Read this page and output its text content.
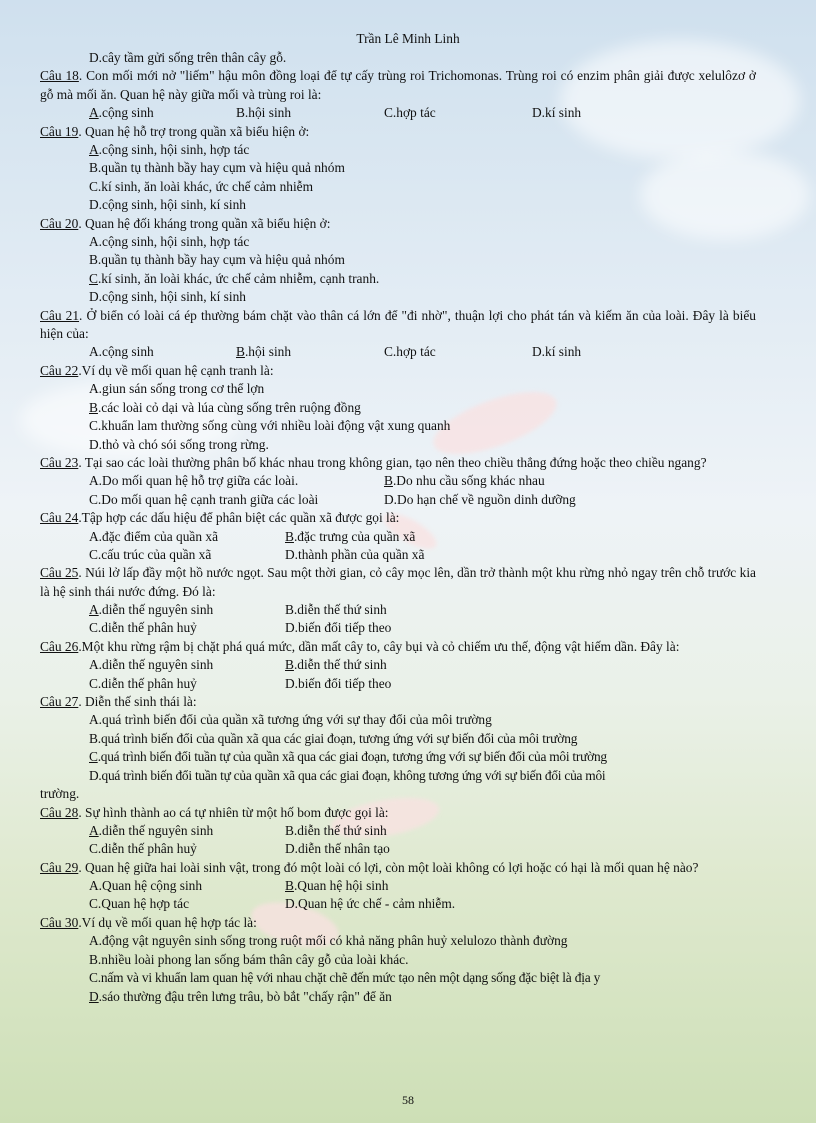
Trần Lê Minh Linh
D.cây tầm gửi sống trên thân cây gỗ.
Câu 18. Con mối mới nở "liếm" hậu môn đồng loại để tự cấy trùng roi Trichomonas. Trùng roi có enzim phân giải được xelulôzơ ở gỗ mà mối ăn. Quan hệ này giữa mối và trùng roi là:
A.cộng sinh	B.hội sinh	C.hợp tác	D.kí sinh
Câu 19. Quan hệ hỗ trợ trong quần xã biểu hiện ở:
A.cộng sinh, hội sinh, hợp tác
B.quần tụ thành bầy hay cụm và hiệu quả nhóm
C.kí sinh, ăn loài khác, ức chế cảm nhiễm
D.cộng sinh, hội sinh, kí sinh
Câu 20. Quan hệ đối kháng trong quần xã biểu hiện ở:
A.cộng sinh, hội sinh, hợp tác
B.quần tụ thành bầy hay cụm và hiệu quả nhóm
C.kí sinh, ăn loài khác, ức chế cảm nhiễm, cạnh tranh.
D.cộng sinh, hội sinh, kí sinh
Câu 21. Ở biển có loài cá ép thường bám chặt vào thân cá lớn để "đi nhờ", thuận lợi cho phát tán và kiếm ăn của loài. Đây là biểu hiện của:
A.cộng sinh	B.hội sinh	C.hợp tác	D.kí sinh
Câu 22.Ví dụ về mối quan hệ cạnh tranh là:
A.giun sán sống trong cơ thể lợn
B.các loài cỏ dại và lúa cùng sống trên ruộng đồng
C.khuẩn lam thường sống cùng với nhiều loài động vật xung quanh
D.thỏ và chó sói sống trong rừng.
Câu 23. Tại sao các loài thường phân bố khác nhau trong không gian, tạo nên theo chiều thẳng đứng hoặc theo chiều ngang?
A.Do mối quan hệ hỗ trợ giữa các loài.	B.Do nhu cầu sống khác nhau
C.Do mối quan hệ cạnh tranh giữa các loài	D.Do hạn chế về nguồn dinh dưỡng
Câu 24.Tập hợp các dấu hiệu để phân biệt các quần xã được gọi là:
A.đặc điểm của quần xã	B.đặc trưng của quần xã
C.cấu trúc của quần xã	D.thành phần của quần xã
Câu 25. Núi lở lấp đầy một hồ nước ngọt. Sau một thời gian, cỏ cây mọc lên, dần trở thành một khu rừng nhỏ ngay trên chỗ trước kia là hệ sinh thái nước đứng. Đó là:
A.diễn thế nguyên sinh	B.diễn thế thứ sinh
C.diễn thế phân huỷ	D.biến đổi tiếp theo
Câu 26.Một khu rừng rậm bị chặt phá quá mức, dần mất cây to, cây bụi và cỏ chiếm ưu thế, động vật hiếm dần. Đây là:
A.diễn thế nguyên sinh	B.diễn thế thứ sinh
C.diễn thế phân huỷ	D.biến đổi tiếp theo
Câu 27. Diễn thế sinh thái là:
A.quá trình biến đổi của quần xã tương ứng với sự thay đổi của môi trường
B.quá trình biến đổi của quần xã qua các giai đoạn, tương ứng với sự biến đổi của môi trường
C.quá trình biến đổi tuần tự của quần xã qua các giai đoạn, tương ứng với sự biến đổi của môi trường
D.quá trình biến đổi tuần tự của quần xã qua các giai đoạn, không tương ứng với sự biến đổi của môi
trường.
Câu 28. Sự hình thành ao cá tự nhiên từ một hố bom được gọi là:
A.diễn thế nguyên sinh	B.diễn thế thứ sinh
C.diễn thế phân huỷ	D.diễn thế nhân tạo
Câu 29. Quan hệ giữa hai loài sinh vật, trong đó một loài có lợi, còn một loài không có lợi hoặc có hại là mối quan hệ nào?
A.Quan hệ cộng sinh	B.Quan hệ hội sinh
C.Quan hệ hợp tác	D.Quan hệ ức chế - cảm nhiễm.
Câu 30.Ví dụ về mối quan hệ hợp tác là:
A.động vật nguyên sinh sống trong ruột mối có khả năng phân huỷ xelulozo thành đường
B.nhiều loài phong lan sống bám thân cây gỗ của loài khác.
C.nấm và vi khuẩn lam quan hệ với nhau chặt chẽ đến mức tạo nên một dạng sống đặc biệt là địa y
D.sáo thường đậu trên lưng trâu, bò bắt "chấy rận" để ăn
58
